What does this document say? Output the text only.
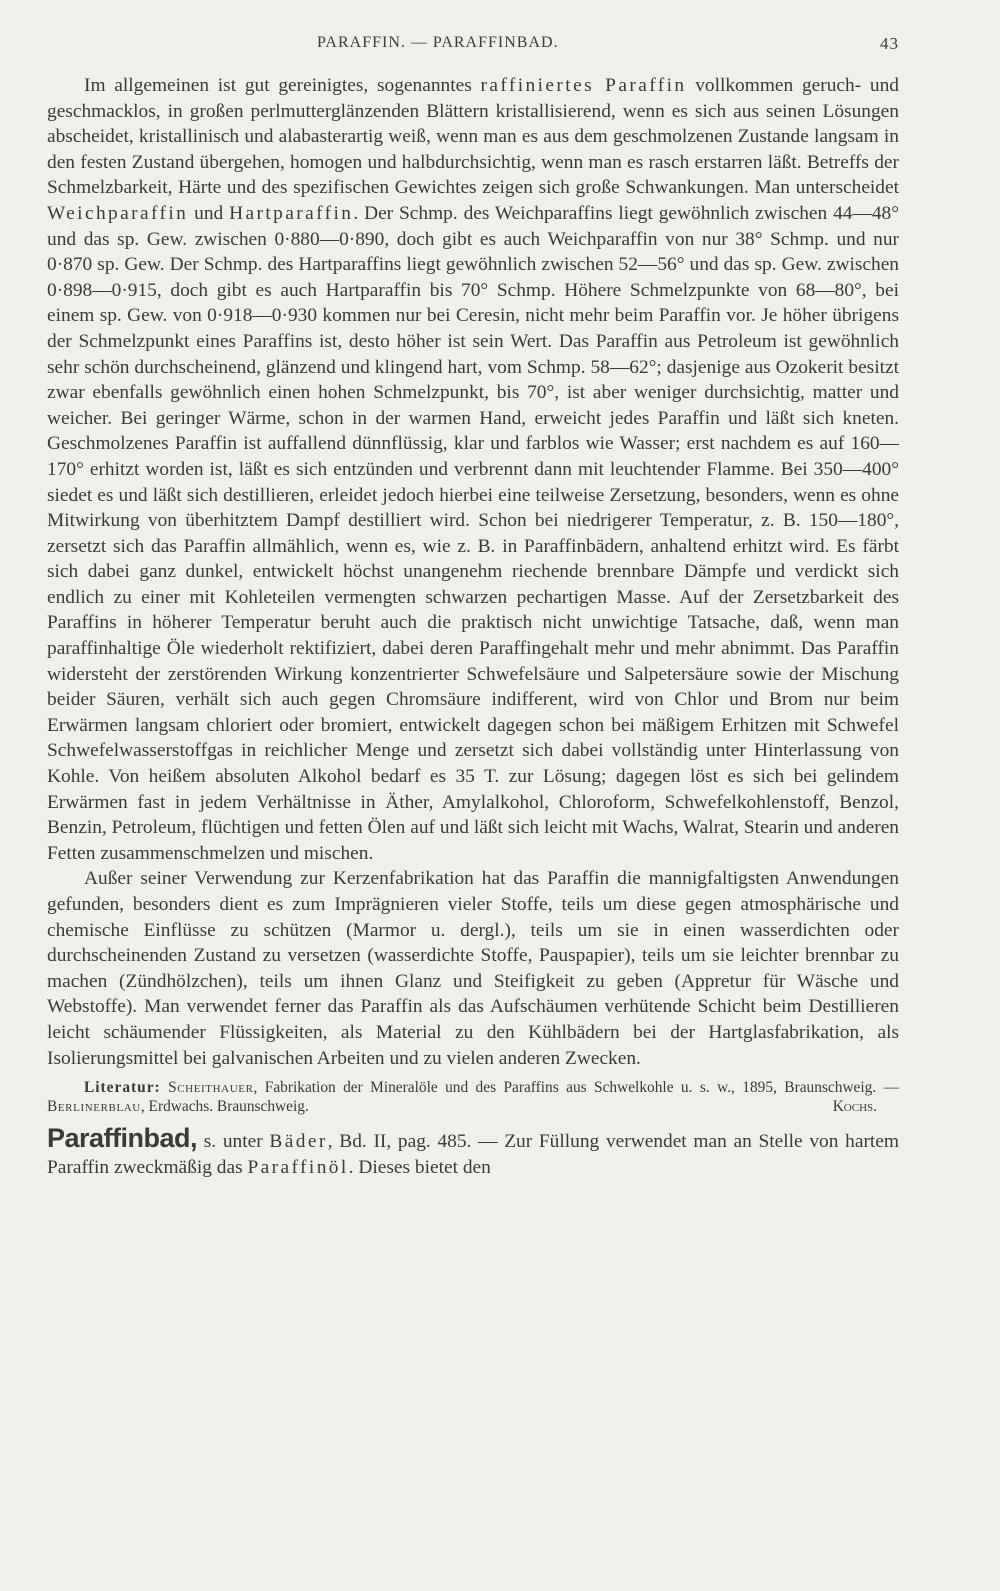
PARAFFIN. — PARAFFINBAD.	43

Im allgemeinen ist gut gereinigtes, sogenanntes raffiniertes Paraffin vollkommen geruch- und geschmacklos, in großen perlmutterglänzenden Blättern kristallisierend, wenn es sich aus seinen Lösungen abscheidet, kristallinisch und alabasterartig weiß, wenn man es aus dem geschmolzenen Zustande langsam in den festen Zustand übergehen, homogen und halbdurchsichtig, wenn man es rasch erstarren läßt. Betreffs der Schmelzbarkeit, Härte und des spezifischen Gewichtes zeigen sich große Schwankungen. Man unterscheidet Weichparaffin und Hartparaffin. Der Schmp. des Weichparaffins liegt gewöhnlich zwischen 44—48° und das sp. Gew. zwischen 0·880—0·890, doch gibt es auch Weichparaffin von nur 38° Schmp. und nur 0·870 sp. Gew. Der Schmp. des Hartparaffins liegt gewöhnlich zwischen 52—56° und das sp. Gew. zwischen 0·898—0·915, doch gibt es auch Hartparaffin bis 70° Schmp. Höhere Schmelzpunkte von 68—80°, bei einem sp. Gew. von 0·918—0·930 kommen nur bei Ceresin, nicht mehr beim Paraffin vor. Je höher übrigens der Schmelzpunkt eines Paraffins ist, desto höher ist sein Wert. Das Paraffin aus Petroleum ist gewöhnlich sehr schön durchscheinend, glänzend und klingend hart, vom Schmp. 58—62°; dasjenige aus Ozokerit besitzt zwar ebenfalls gewöhnlich einen hohen Schmelzpunkt, bis 70°, ist aber weniger durchsichtig, matter und weicher. Bei geringer Wärme, schon in der warmen Hand, erweicht jedes Paraffin und läßt sich kneten. Geschmolzenes Paraffin ist auffallend dünnflüssig, klar und farblos wie Wasser; erst nachdem es auf 160—170° erhitzt worden ist, läßt es sich entzünden und verbrennt dann mit leuchtender Flamme. Bei 350—400° siedet es und läßt sich destillieren, erleidet jedoch hierbei eine teilweise Zersetzung, besonders, wenn es ohne Mitwirkung von überhitztem Dampf destilliert wird. Schon bei niedrigerer Temperatur, z. B. 150—180°, zersetzt sich das Paraffin allmählich, wenn es, wie z. B. in Paraffinbädern, anhaltend erhitzt wird. Es färbt sich dabei ganz dunkel, entwickelt höchst unangenehm riechende brennbare Dämpfe und verdickt sich endlich zu einer mit Kohleteilen vermengten schwarzen pechartigen Masse. Auf der Zersetzbarkeit des Paraffins in höherer Temperatur beruht auch die praktisch nicht unwichtige Tatsache, daß, wenn man paraffinhaltige Öle wiederholt rektifiziert, dabei deren Paraffingehalt mehr und mehr abnimmt. Das Paraffin widersteht der zerstörenden Wirkung konzentrierter Schwefelsäure und Salpetersäure sowie der Mischung beider Säuren, verhält sich auch gegen Chromsäure indifferent, wird von Chlor und Brom nur beim Erwärmen langsam chloriert oder bromiert, entwickelt dagegen schon bei mäßigem Erhitzen mit Schwefel Schwefelwasserstoffgas in reichlicher Menge und zersetzt sich dabei vollständig unter Hinterlassung von Kohle. Von heißem absoluten Alkohol bedarf es 35 T. zur Lösung; dagegen löst es sich bei gelindem Erwärmen fast in jedem Verhältnisse in Äther, Amylalkohol, Chloroform, Schwefelkohlenstoff, Benzol, Benzin, Petroleum, flüchtigen und fetten Ölen auf und läßt sich leicht mit Wachs, Walrat, Stearin und anderen Fetten zusammenschmelzen und mischen.

Außer seiner Verwendung zur Kerzenfabrikation hat das Paraffin die mannigfaltigsten Anwendungen gefunden, besonders dient es zum Imprägnieren vieler Stoffe, teils um diese gegen atmosphärische und chemische Einflüsse zu schützen (Marmor u. dergl.), teils um sie in einen wasserdichten oder durchscheinenden Zustand zu versetzen (wasserdichte Stoffe, Pauspapier), teils um sie leichter brennbar zu machen (Zündhölzchen), teils um ihnen Glanz und Steifigkeit zu geben (Appretur für Wäsche und Webstoffe). Man verwendet ferner das Paraffin als das Aufschäumen verhütende Schicht beim Destillieren leicht schäumender Flüssigkeiten, als Material zu den Kühlbädern bei der Hartglasfabrikation, als Isolierungsmittel bei galvanischen Arbeiten und zu vielen anderen Zwecken.

Literatur: Scheithauer, Fabrikation der Mineralöle und des Paraffins aus Schwelkohle u. s. w., 1895, Braunschweig. — Berlinerblau, Erdwachs. Braunschweig.	Kochs.
Paraffinbad, s. unter Bäder, Bd. II, pag. 485. — Zur Füllung verwendet man an Stelle von hartem Paraffin zweckmäßig das Paraffinöl. Dieses bietet den
